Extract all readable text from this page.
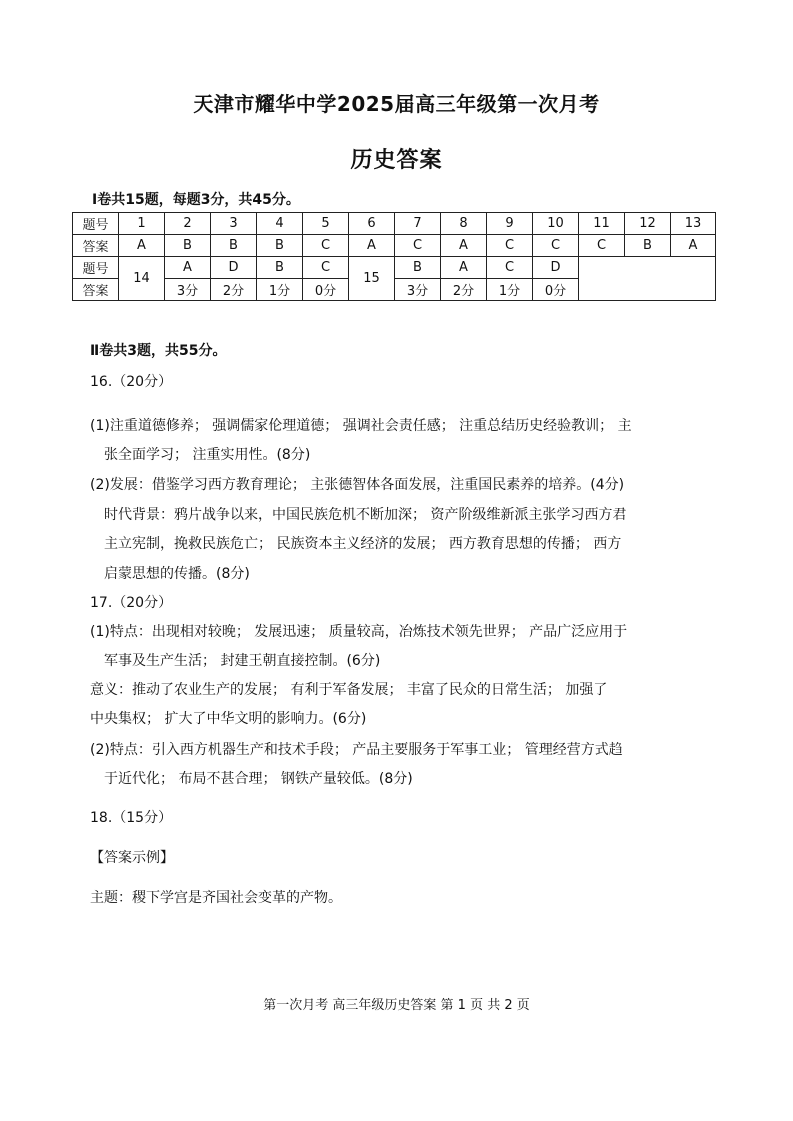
天津市耀华中学2025届高三年级第一次月考
历史答案
Ⅰ卷共15题，每题3分，共45分。
题号	1	2	3	4	5	6	7	8	9	10	11	12	13
答案	A	B	B	B	C	A	C	A	C	C	C	B	A
题号	14	A	D	B	C	15	B	A	C	D			
答案		3分	2分	1分	0分		3分	2分	1分	0分			
Ⅱ卷共3题，共55分。
16.（20分）
(1)注重道德修养； 强调儒家伦理道德； 强调社会责任感； 注重总结历史经验教训； 主
张全面学习； 注重实用性。(8分)
(2)发展：借鉴学习西方教育理论； 主张德智体各面发展，注重国民素养的培养。(4分)
时代背景：鸦片战争以来，中国民族危机不断加深； 资产阶级维新派主张学习西方君
主立宪制，挽救民族危亡； 民族资本主义经济的发展； 西方教育思想的传播； 西方
启蒙思想的传播。(8分)
17.（20分）
(1)特点：出现相对较晚； 发展迅速； 质量较高，冶炼技术领先世界； 产品广泛应用于
军事及生产生活； 封建王朝直接控制。(6分)
意义：推动了农业生产的发展； 有利于军备发展； 丰富了民众的日常生活； 加强了
中央集权； 扩大了中华文明的影响力。(6分)
(2)特点：引入西方机器生产和技术手段； 产品主要服务于军事工业； 管理经营方式趋
于近代化； 布局不甚合理； 钢铁产量较低。(8分)
18.（15分）
【答案示例】
主题：稷下学宫是齐国社会变革的产物。
第一次月考 高三年级历史答案 第 1 页 共 2 页
